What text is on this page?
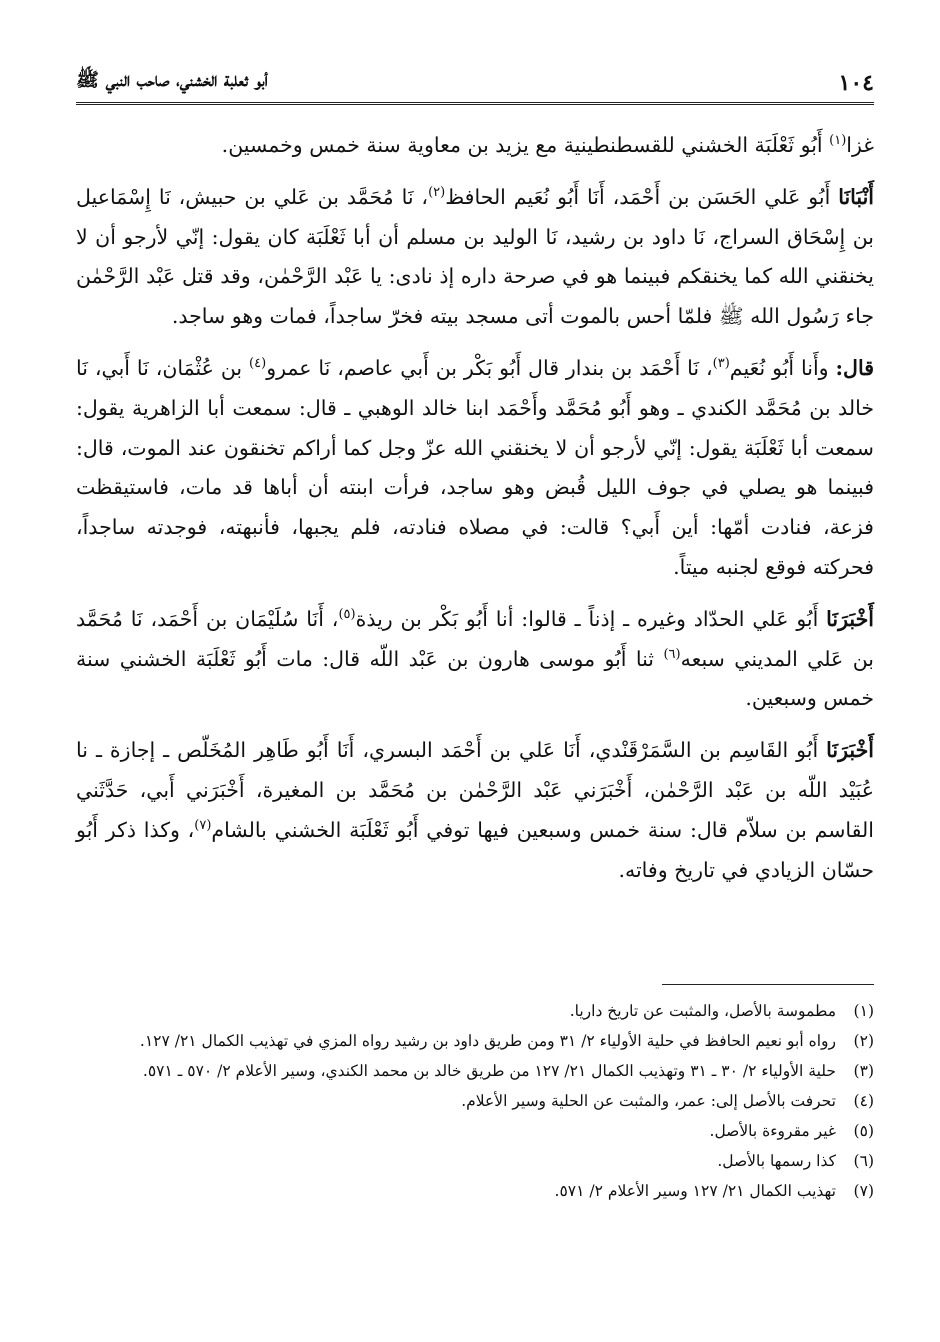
١٠٤
أبو ثعلبة الخشني، صاحب النبي ﷺ

غزا$^{(١)}$ أَبُو ثَعْلَبَة الخشني للقسطنطينية مع يزيد بن معاوية سنة خمس وخمسين.

أَنْبَانَا أَبُو عَلي الحَسَن بن أَحْمَد، أَنَا أَبُو نُعَيم الحافظ$^{(٢)}$، نَا مُحَمَّد بن عَلي بن حبيش، نَا إِسْمَاعيل بن إِسْحَاق السراج، نَا داود بن رشيد، نَا الوليد بن مسلم أن أبا ثَعْلَبَة كان يقول: إنّي لأرجو أن لا يخنقني الله كما يخنقكم فبينما هو في صرحة داره إذ نادى: يا عَبْد الرَّحْمٰن، وقد قتل عَبْد الرَّحْمٰن جاء رَسُول الله ﷺ فلمّا أحس بالموت أتى مسجد بيته فخرّ ساجداً، فمات وهو ساجد.

قال: وأَنا أَبُو نُعَيم$^{(٣)}$، نَا أَحْمَد بن بندار قال أَبُو بَكْر بن أَبي عاصم، نَا عمرو$^{(٤)}$ بن عُثْمَان، نَا أَبي، نَا خالد بن مُحَمَّد الكندي ـ وهو أَبُو مُحَمَّد وأَحْمَد ابنا خالد الوهبي ـ قال: سمعت أبا الزاهرية يقول: سمعت أبا ثَعْلَبَة يقول: إنّي لأرجو أن لا يخنقني الله عزّ وجل كما أراكم تخنقون عند الموت، قال: فبينما هو يصلي في جوف الليل قُبض وهو ساجد، فرأت ابنته أن أباها قد مات، فاستيقظت فزعة، فنادت أمّها: أين أَبي؟ قالت: في مصلاه فنادته، فلم يجبها، فأنبهته، فوجدته ساجداً، فحركته فوقع لجنبه ميتاً.

أَخْبَرَنَا أَبُو عَلي الحدّاد وغيره ـ إذناً ـ قالوا: أنا أَبُو بَكْر بن ريذة$^{(٥)}$، أَنَا سُلَيْمَان بن أَحْمَد، نَا مُحَمَّد بن عَلي المديني سبعه$^{(٦)}$ ثنا أَبُو موسى هارون بن عَبْد اللّه قال: مات أَبُو ثَعْلَبَة الخشني سنة خمس وسبعين.

أَخْبَرَنَا أَبُو القَاسِم بن السَّمَرْقَنْدي، أَنَا عَلي بن أَحْمَد البسري، أَنَا أَبُو طَاهِر المُخَلّص ـ إجازة ـ نا عُبَيْد اللّه بن عَبْد الرَّحْمٰن، أَخْبَرَني عَبْد الرَّحْمٰن بن مُحَمَّد بن المغيرة، أَخْبَرَني أَبي، حَدَّثَني القاسم بن سلاّم قال: سنة خمس وسبعين فيها توفي أَبُو ثَعْلَبَة الخشني بالشام$^{(٧)}$، وكذا ذكر أَبُو حسّان الزيادي في تاريخ وفاته.

(١)
مطموسة بالأصل، والمثبت عن تاريخ داريا.
(٢)
رواه أبو نعيم الحافظ في حلية الأولياء ٢/ ٣١ ومن طريق داود بن رشيد رواه المزي في تهذيب الكمال ٢١/ ١٢٧.
(٣)
حلية الأولياء ٢/ ٣٠ ـ ٣١ وتهذيب الكمال ٢١/ ١٢٧ من طريق خالد بن محمد الكندي، وسير الأعلام ٢/ ٥٧٠ ـ ٥٧١.
(٤)
تحرفت بالأصل إلى: عمر، والمثبت عن الحلية وسير الأعلام.
(٥)
غير مقروءة بالأصل.
(٦)
كذا رسمها بالأصل.
(٧)
تهذيب الكمال ٢١/ ١٢٧ وسير الأعلام ٢/ ٥٧١.
